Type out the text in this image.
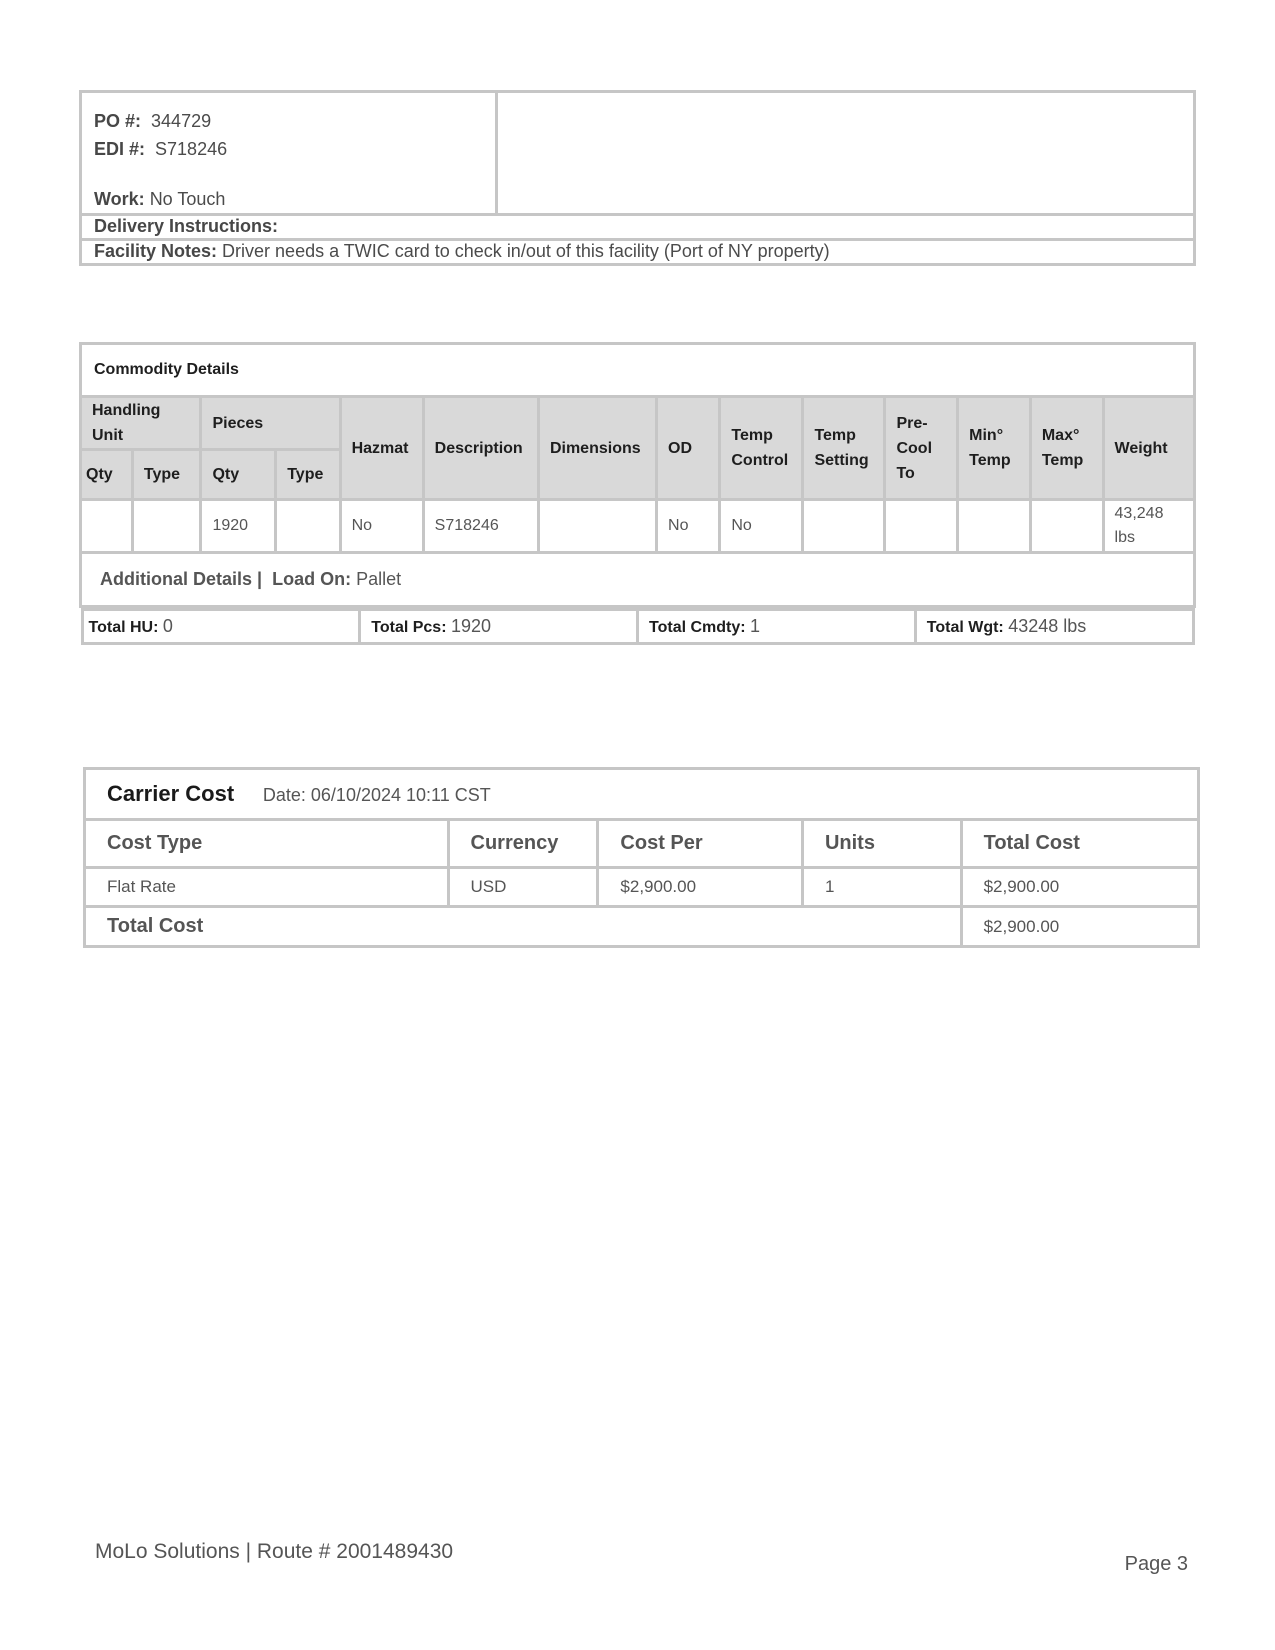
PO #: 344729
EDI #: S718246
Work: No Touch

Delivery Instructions:
Facility Notes: Driver needs a TWIC card to check in/out of this facility (Port of NY property)
Commodity Details
Handling Unit	Pieces	Hazmat	Description	Dimensions	OD	Temp Control	Temp Setting	Pre-Cool To	Min° Temp	Max° Temp	Weight
Qty	Type	Qty	Type
		1920		No	S718246		No	No					43,248 lbs
Additional Details | Load On: Pallet

Total HU: 0	Total Pcs: 1920	Total Cmdty: 1	Total Wgt: 43248 lbs
Carrier Cost Date: 06/10/2024 10:11 CST				
Cost Type	Currency	Cost Per	Units	Total Cost
Flat Rate	USD	$2,900.00	1	$2,900.00
Total Cost				$2,900.00
MoLo Solutions | Route # 2001489430
Page 3
